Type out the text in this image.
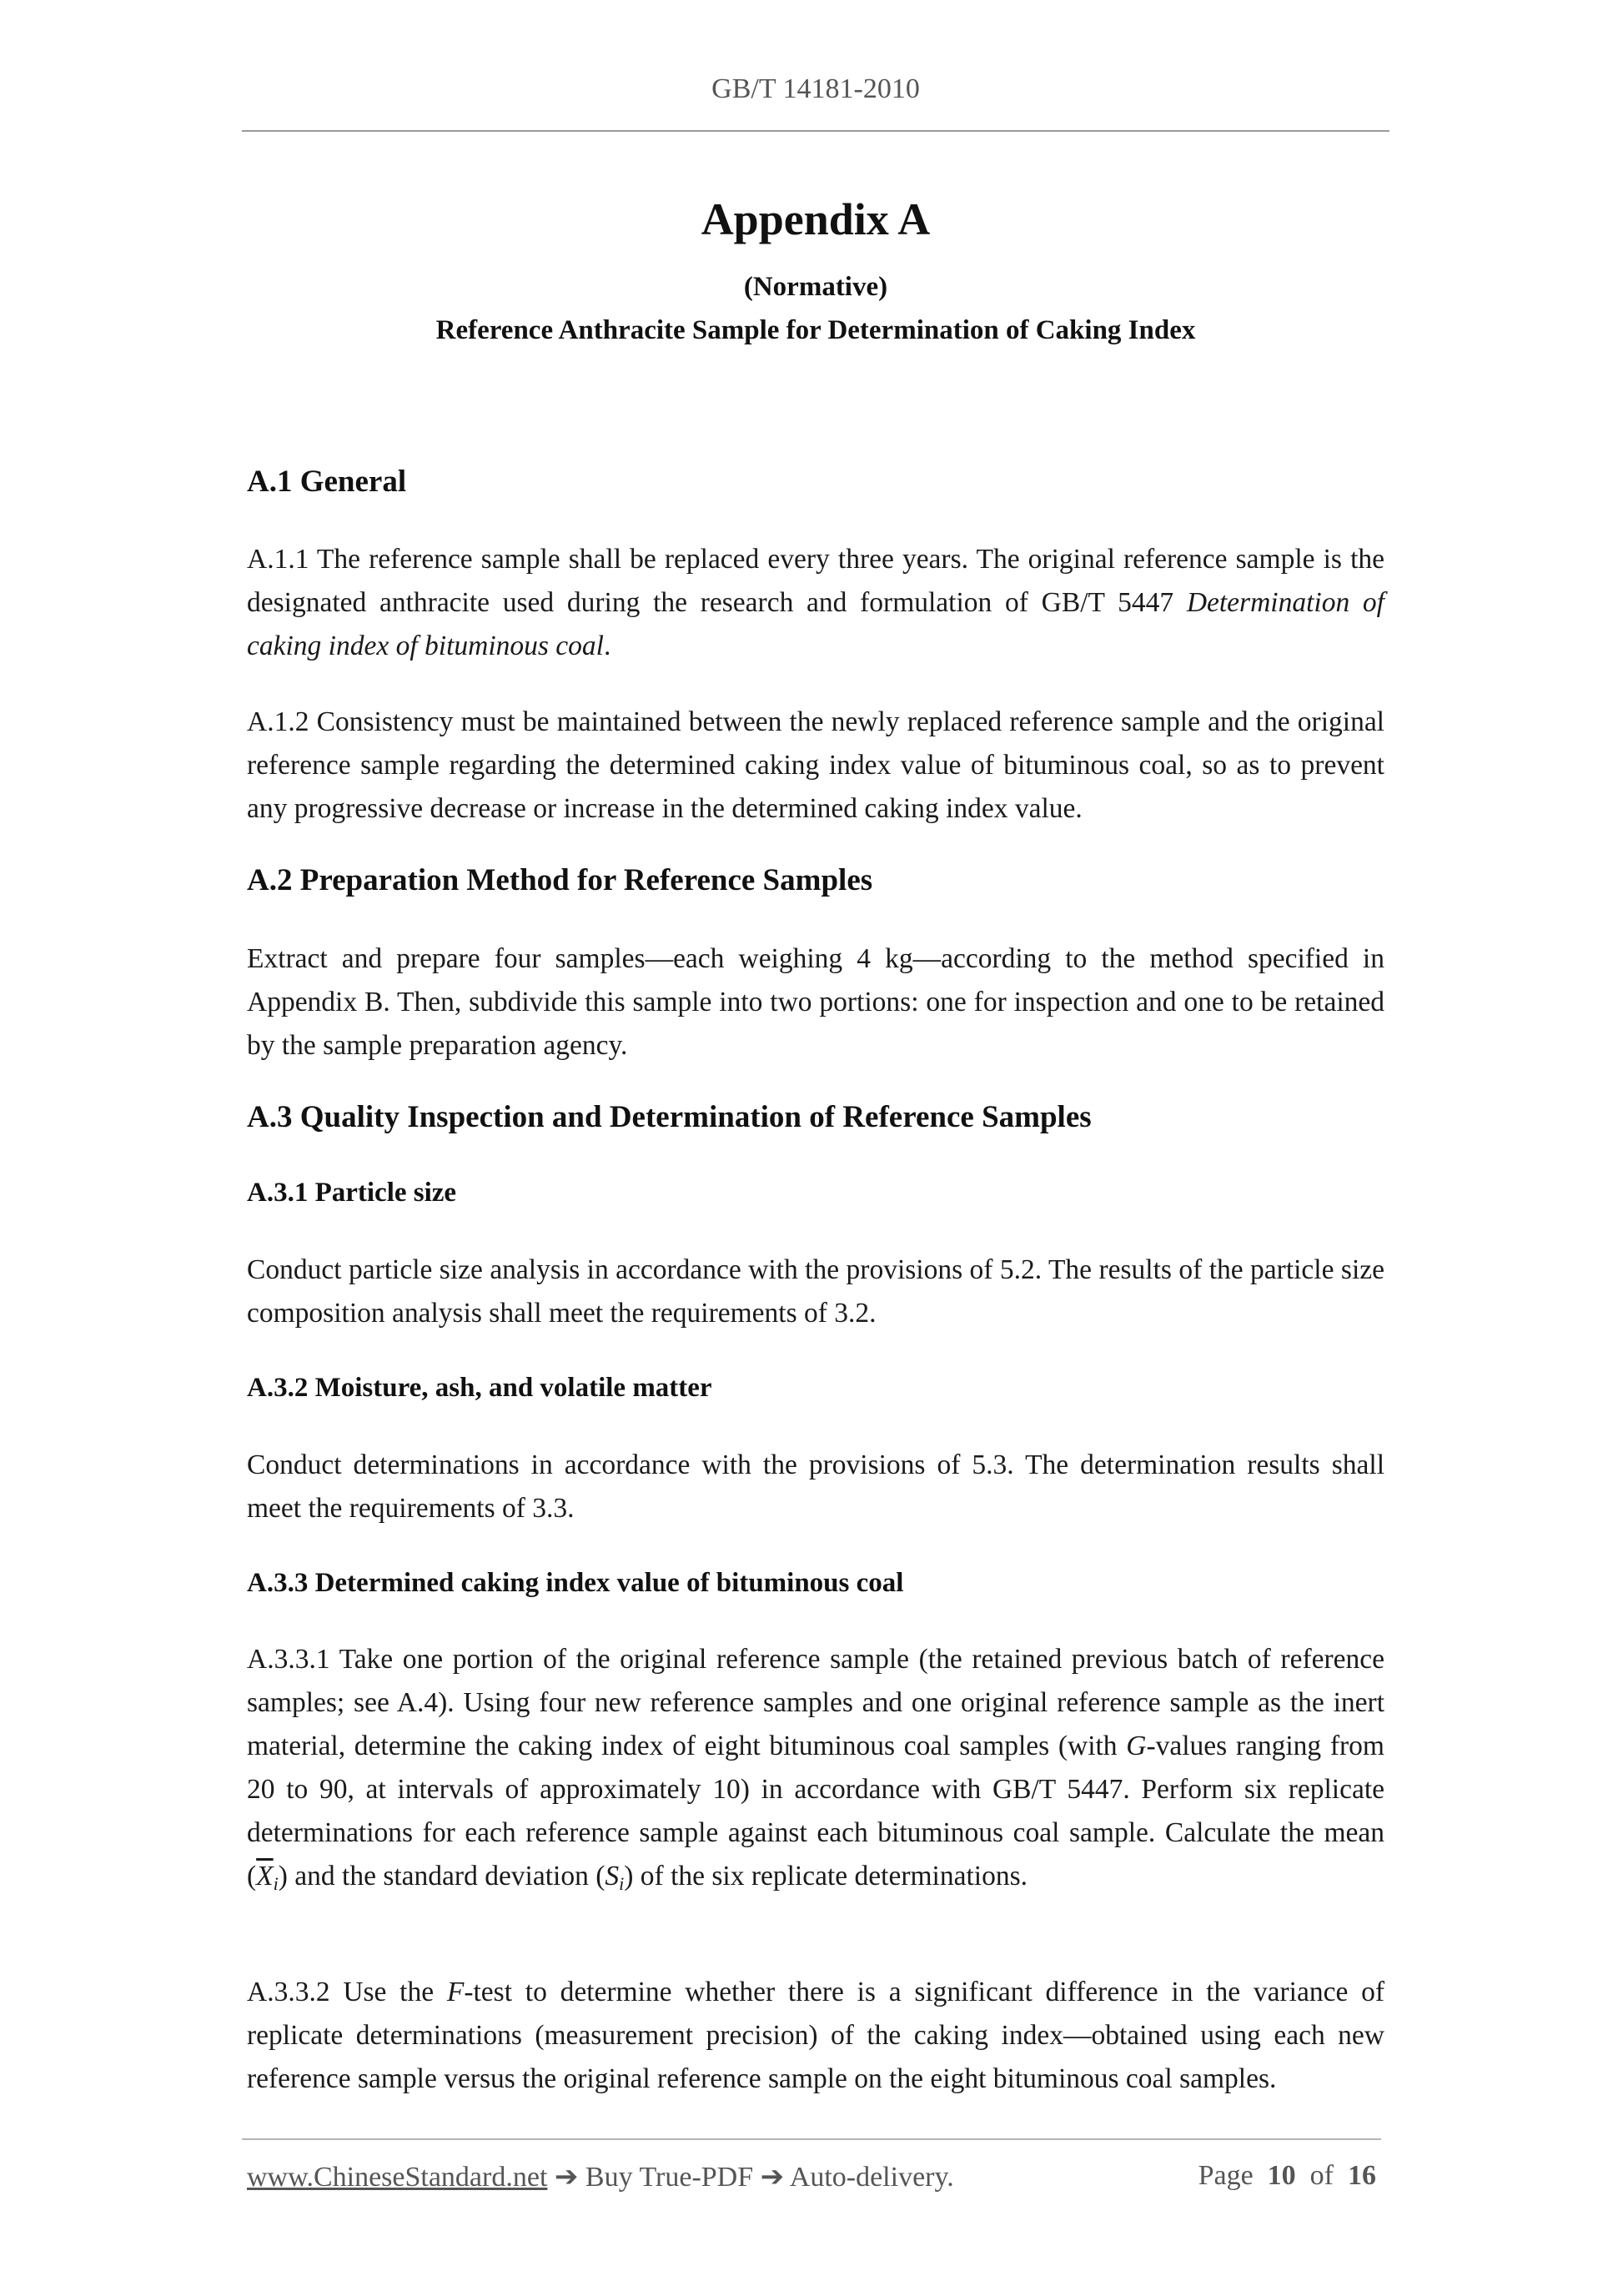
GB/T 14181-2010
Appendix A
(Normative)
Reference Anthracite Sample for Determination of Caking Index
A.1 General
A.1.1 The reference sample shall be replaced every three years. The original reference sample is the designated anthracite used during the research and formulation of GB/T 5447 Determination of caking index of bituminous coal.
A.1.2 Consistency must be maintained between the newly replaced reference sample and the original reference sample regarding the determined caking index value of bituminous coal, so as to prevent any progressive decrease or increase in the determined caking index value.
A.2 Preparation Method for Reference Samples
Extract and prepare four samples—each weighing 4 kg—according to the method specified in Appendix B. Then, subdivide this sample into two portions: one for inspection and one to be retained by the sample preparation agency.
A.3 Quality Inspection and Determination of Reference Samples
A.3.1 Particle size
Conduct particle size analysis in accordance with the provisions of 5.2. The results of the particle size composition analysis shall meet the requirements of 3.2.
A.3.2 Moisture, ash, and volatile matter
Conduct determinations in accordance with the provisions of 5.3. The determination results shall meet the requirements of 3.3.
A.3.3 Determined caking index value of bituminous coal
A.3.3.1 Take one portion of the original reference sample (the retained previous batch of reference samples; see A.4). Using four new reference samples and one original reference sample as the inert material, determine the caking index of eight bituminous coal samples (with G-values ranging from 20 to 90, at intervals of approximately 10) in accordance with GB/T 5447. Perform six replicate determinations for each reference sample against each bituminous coal sample. Calculate the mean $(\overline{X}_i)$ and the standard deviation $(S_i)$ of the six replicate determinations.
A.3.3.2 Use the F-test to determine whether there is a significant difference in the variance of replicate determinations (measurement precision) of the caking index—obtained using each new reference sample versus the original reference sample on the eight bituminous coal samples.
www.ChineseStandard.net ➔ Buy True-PDF ➔ Auto-delivery.	Page 10 of 16
